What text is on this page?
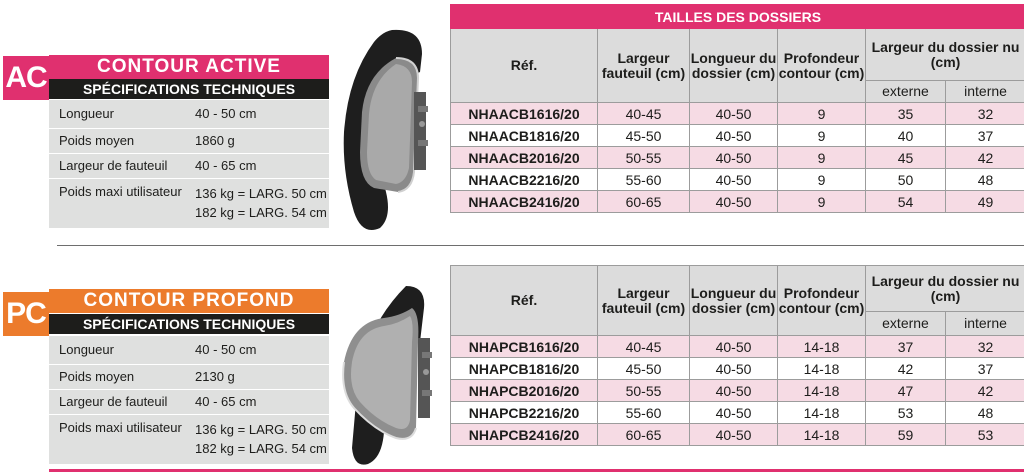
AC	CONTOUR ACTIVE
SPÉCIFICATIONS TECHNIQUES
Longueur	40 - 50 cm
Poids moyen	1860 g
Largeur de fauteuil	40 - 65 cm
Poids maxi utilisateur	136 kg = LARG. 50 cm
182 kg = LARG. 54 cm
TAILLES DES DOSSIERS					
Réf.	Largeur fauteuil (cm)	Longueur du dossier (cm)	Profondeur contour (cm)	Largeur du dossier nu (cm)	
				externe	interne
NHAACB1616/20	40-45	40-50	9	35	32
NHAACB1816/20	45-50	40-50	9	40	37
NHAACB2016/20	50-55	40-50	9	45	42
NHAACB2216/20	55-60	40-50	9	50	48
NHAACB2416/20	60-65	40-50	9	54	49
PC	CONTOUR PROFOND
SPÉCIFICATIONS TECHNIQUES
Longueur	40 - 50 cm
Poids moyen	2130 g
Largeur de fauteuil	40 - 65 cm
Poids maxi utilisateur	136 kg = LARG. 50 cm
182 kg = LARG. 54 cm
Réf.	Largeur fauteuil (cm)	Longueur du dossier (cm)	Profondeur contour (cm)	Largeur du dossier nu (cm)	
				externe	interne
NHAPCB1616/20	40-45	40-50	14-18	37	32
NHAPCB1816/20	45-50	40-50	14-18	42	37
NHAPCB2016/20	50-55	40-50	14-18	47	42
NHAPCB2216/20	55-60	40-50	14-18	53	48
NHAPCB2416/20	60-65	40-50	14-18	59	53
